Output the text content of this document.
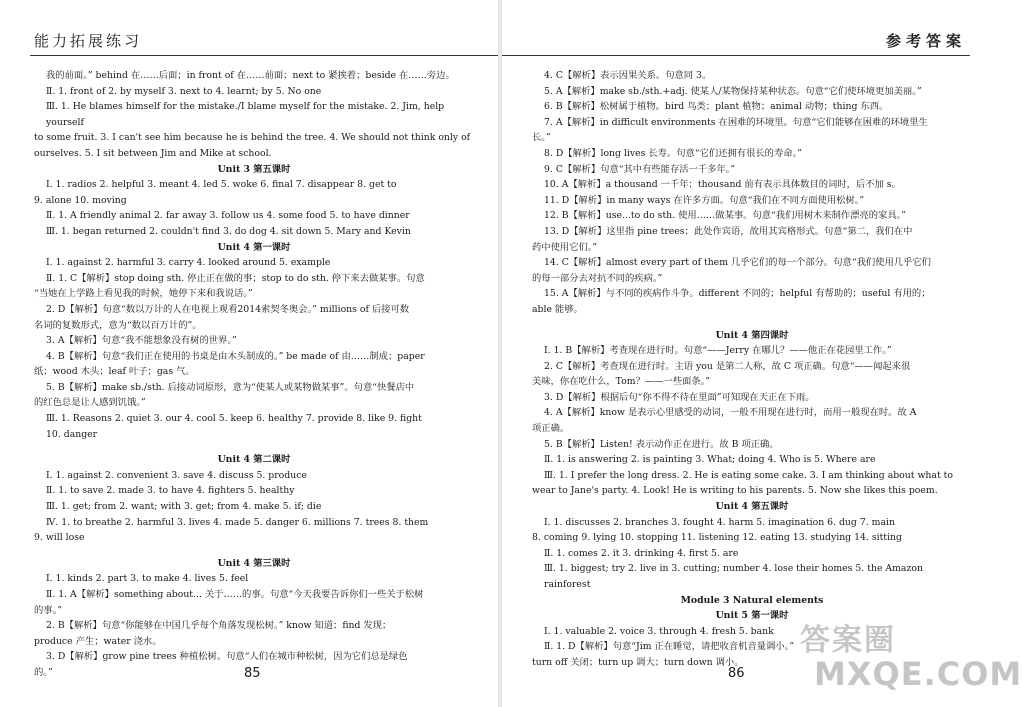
能力拓展练习

我的前面。” behind 在……后面；in front of 在……前面；next to 紧挨着；beside 在……旁边。

Ⅱ. 1. front of 2. by myself 3. next to 4. learnt; by 5. No one

Ⅲ. 1. He blames himself for the mistake./I blame myself for the mistake. 2. Jim, help yourself

to some fruit. 3. I can't see him because he is behind the tree. 4. We should not think only of

ourselves. 5. I sit between Jim and Mike at school.

Unit 3 第五课时

Ⅰ. 1. radios 2. helpful 3. meant 4. led 5. woke 6. final 7. disappear 8. get to

9. alone 10. moving

Ⅱ. 1. A friendly animal 2. far away 3. follow us 4. some food 5. to have dinner

Ⅲ. 1. began returned 2. couldn't find 3. do dog 4. sit down 5. Mary and Kevin

Unit 4 第一课时

Ⅰ. 1. against 2. harmful 3. carry 4. looked around 5. example

Ⅱ. 1. C【解析】stop doing sth. 停止正在做的事；stop to do sth. 停下来去做某事。句意

“当她在上学路上看见我的时候，她停下来和我说话。”

2. D【解析】句意“数以万计的人在电视上观看2014索契冬奥会。” millions of 后接可数

名词的复数形式，意为“数以百万计的”。

3. A【解析】句意“我不能想象没有树的世界。”

4. B【解析】句意“我们正在使用的书桌是由木头制成的。” be made of 由……制成；paper

纸；wood 木头；leaf 叶子；gas 气。

5. B【解析】make sb./sth. 后接动词原形，意为“使某人或某物做某事”。句意“快餐店中

的红色总是让人感到饥饿。”

Ⅲ. 1. Reasons 2. quiet 3. our 4. cool 5. keep 6. healthy 7. provide 8. like 9. fight

10. danger

Unit 4 第二课时

Ⅰ. 1. against 2. convenient 3. save 4. discuss 5. produce

Ⅱ. 1. to save 2. made 3. to have 4. fighters 5. healthy

Ⅲ. 1. get; from 2. want; with 3. get; from 4. make 5. if; die

Ⅳ. 1. to breathe 2. harmful 3. lives 4. made 5. danger 6. millions 7. trees 8. them

9. will lose

Unit 4 第三课时

Ⅰ. 1. kinds 2. part 3. to make 4. lives 5. feel

Ⅱ. 1. A【解析】something about... 关于……的事。句意“今天我要告诉你们一些关于松树

的事。”

2. B【解析】句意“你能够在中国几乎每个角落发现松树。” know 知道；find 发现；

produce 产生；water 浇水。

3. D【解析】grow pine trees 种植松树。句意“人们在城市种松树，因为它们总是绿色

的。”	85
参考答案

4. C【解析】表示因果关系。句意同 3。

5. A【解析】make sb./sth.+adj. 使某人/某物保持某种状态。句意“它们使环境更加美丽。”

6. B【解析】松树属于植物。bird 鸟类；plant 植物；animal 动物；thing 东西。

7. A【解析】in difficult environments 在困难的环境里。句意“它们能够在困难的环境里生

长。”

8. D【解析】long lives 长寿。句意“它们还拥有很长的寿命。”

9. C【解析】句意“其中有些能存活一千多年。”

10. A【解析】a thousand 一千年；thousand 前有表示具体数目的词时，后不加 s。

11. D【解析】in many ways 在许多方面。句意“我们在不同方面使用松树。”

12. B【解析】use...to do sth. 使用……做某事。句意“我们用树木来制作漂亮的家具。”

13. D【解析】这里指 pine trees；此处作宾语，故用其宾格形式。句意“第二，我们在中

药中使用它们。”

14. C【解析】almost every part of them 几乎它们的每一个部分。句意“我们使用几乎它们

的每一部分去对抗不同的疾病。”

15. A【解析】与不同的疾病作斗争。different 不同的；helpful 有帮助的；useful 有用的；

able 能够。

Unit 4 第四课时

Ⅰ. 1. B【解析】考查现在进行时。句意“——Jerry 在哪儿？——他正在花园里工作。”

2. C【解析】考查现在进行时。主语 you 是第二人称，故 C 项正确。句意“——闻起来很

美味，你在吃什么，Tom？——一些面条。”

3. D【解析】根据后句“你不得不待在里面”可知现在天正在下雨。

4. A【解析】know 是表示心里感受的动词，一般不用现在进行时，而用一般现在时。故 A

项正确。

5. B【解析】Listen! 表示动作正在进行。故 B 项正确。

Ⅱ. 1. is answering 2. is painting 3. What; doing 4. Who is 5. Where are

Ⅲ. 1. I prefer the long dress. 2. He is eating some cake. 3. I am thinking about what to

wear to Jane's party. 4. Look! He is writing to his parents. 5. Now she likes this poem.

Unit 4 第五课时

Ⅰ. 1. discusses 2. branches 3. fought 4. harm 5. imagination 6. dug 7. main

8. coming 9. lying 10. stopping 11. listening 12. eating 13. studying 14. sitting

Ⅱ. 1. comes 2. it 3. drinking 4. first 5. are

Ⅲ. 1. biggest; try 2. live in 3. cutting; number 4. lose their homes 5. the Amazon rainforest

Module 3 Natural elements

Unit 5 第一课时

Ⅰ. 1. valuable 2. voice 3. through 4. fresh 5. bank

Ⅱ. 1. D【解析】句意“Jim 正在睡觉，请把收音机音量调小。”

turn off 关闭；turn up 调大；turn down 调小。

86
答案圈
MXQE.COM
